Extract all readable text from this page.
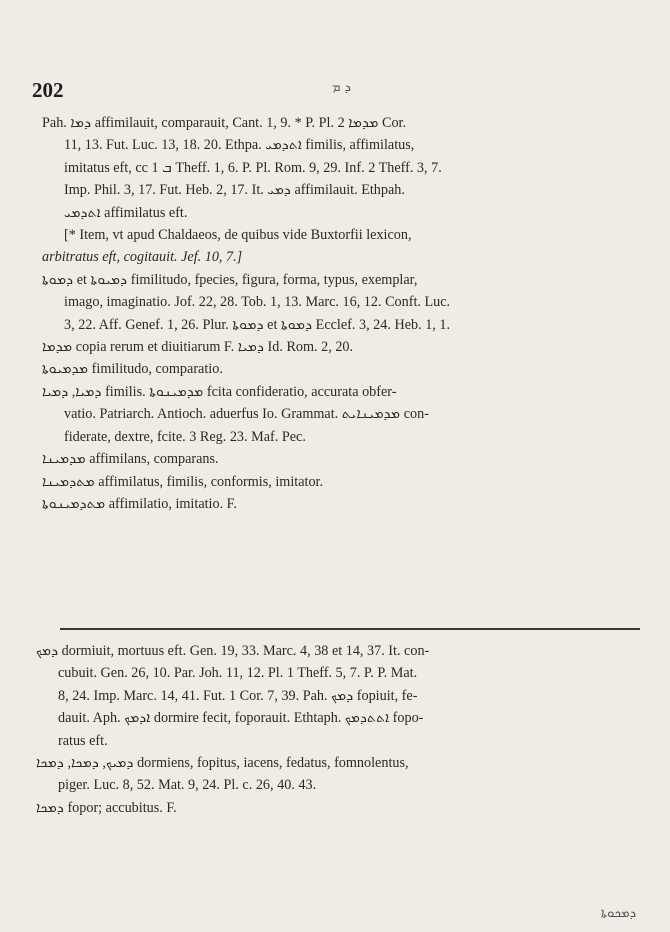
202	ܕ ܡ
Pah. ܕܡܐ affimilauit, comparauit, Cant. 1, 9. * P. Pl. ܡܕܡܐ 2 Cor.
11, 13. Fut. Luc. 13, 18. 20. Ethpa. ܐܬܕܡܝ fimilis, affimilatus,
imitatus eft, cc ܒ 1 Theff. 1, 6. P. Pl. Rom. 9, 29. Inf. 2 Theff. 3, 7.
Imp. Phil. 3, 17. Fut. Heb. 2, 17. It. ܕܡܝ affimilauit. Ethpah.
ܐܬܕܡܝ affimilatus eft.
[* Item, vt apud Chaldaeos, de quibus vide Buxtorfii lexicon,
arbitratus eft, cogitauit. Jef. 10, 7.]
ܕܡܘܬܐ et ܕܡܝܘܬܐ fimilitudo, fpecies, figura, forma, typus, exemplar,
imago, imaginatio. Jof. 22, 28. Tob. 1, 13. Marc. 16, 12. Conft. Luc.
3, 22. Aff. Genef. 1, 26. Plur. ܕܡܘܬܐ et ܕܡܘܬܐ Ecclef. 3, 24. Heb. 1, 1.
ܡܕܡܐ copia rerum et diuitiarum F. ܕܡܝܐ Id. Rom. 2, 20.
ܡܕܡܝܘܬܐ fimilitudo, comparatio.
ܕܡܝܐ, ܕܡܝܐ fimilis. ܡܕܡܝܢܘܬܐ fcita confideratio, accurata obfer-
vatio. Patriarch. Antioch. aduerfus Io. Grammat. ܡܕܡܝܢܐܝܬ con-
fiderate, dextre, fcite. 3 Reg. 23. Maf. Pec.
ܡܕܡܝܢܐ affimilans, comparans.
ܡܬܕܡܝܢܐ affimilatus, fimilis, conformis, imitator.
ܡܬܕܡܝܢܘܬܐ affimilatio, imitatio. F.
ܕܡܟ dormiuit, mortuus eft. Gen. 19, 33. Marc. 4, 38 et 14, 37. It. con-
cubuit. Gen. 26, 10. Par. Joh. 11, 12. Pl. 1 Theff. 5, 7. P. P. Mat.
8, 24. Imp. Marc. 14, 41. Fut. 1 Cor. 7, 39. Pah. ܕܡܟ fopiuit, fe-
dauit. Aph. ܐܕܡܟ dormire fecit, foporauit. Ethtaph. ܐܬܬܕܡܟ fopo-
ratus eft.
ܕܡܝܟ, ܕܡܟܐ, ܕܡܟܐ dormiens, fopitus, iacens, fedatus, fomnolentus,
piger. Luc. 8, 52. Mat. 9, 24. Pl. c. 26, 40. 43.
ܕܡܟܐ fopor; accubitus. F.
ܕܡܟܘܬܐ
